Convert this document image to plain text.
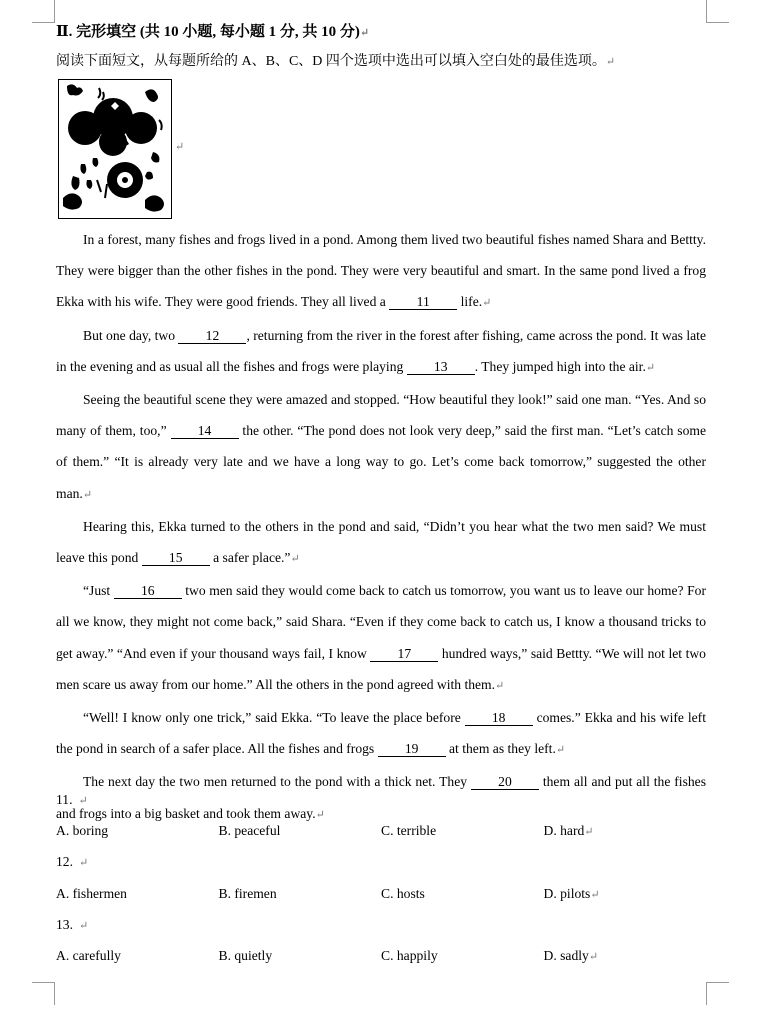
Ⅱ. 完形填空 (共 10 小题, 每小题 1 分, 共 10 分)↵
阅读下面短文，从每题所给的 A、B、C、D 四个选项中选出可以填入空白处的最佳选项。↵
↵

In a forest, many fishes and frogs lived in a pond. Among them lived two beautiful fishes named Shara and Bettty. They were bigger than the other fishes in the pond. They were very beautiful and smart. In the same pond lived a frog Ekka with his wife. They were good friends. They all lived a 11 life.↵

But one day, two 12 , returning from the river in the forest after fishing, came across the pond. It was late in the evening and as usual all the fishes and frogs were playing 13 . They jumped high into the air.↵

Seeing the beautiful scene they were amazed and stopped. “How beautiful they look!” said one man. “Yes. And so many of them, too,” 14 the other. “The pond does not look very deep,” said the first man. “Let’s catch some of them.” “It is already very late and we have a long way to go. Let’s come back tomorrow,” suggested the other man.↵

Hearing this, Ekka turned to the others in the pond and said, “Didn’t you hear what the two men said? We must leave this pond 15 a safer place.”↵

“Just 16 two men said they would come back to catch us tomorrow, you want us to leave our home? For all we know, they might not come back,” said Shara. “Even if they come back to catch us, I know a thousand tricks to get away.” “And even if your thousand ways fail, I know 17 hundred ways,” said Bettty. “We will not let two men scare us away from our home.” All the others in the pond agreed with them.↵

“Well! I know only one trick,” said Ekka. “To leave the place before 18 comes.” Ekka and his wife left the pond in search of a safer place. All the fishes and frogs 19 at them as they left.↵

The next day the two men returned to the pond with a thick net. They 20 them all and put all the fishes and frogs into a big basket and took them away.↵

11. ↵
A. boring	B. peaceful	C. terrible	D. hard↵
12. ↵
A. fishermen	B. firemen	C. hosts	D. pilots↵
13. ↵
A. carefully	B. quietly	C. happily	D. sadly↵
